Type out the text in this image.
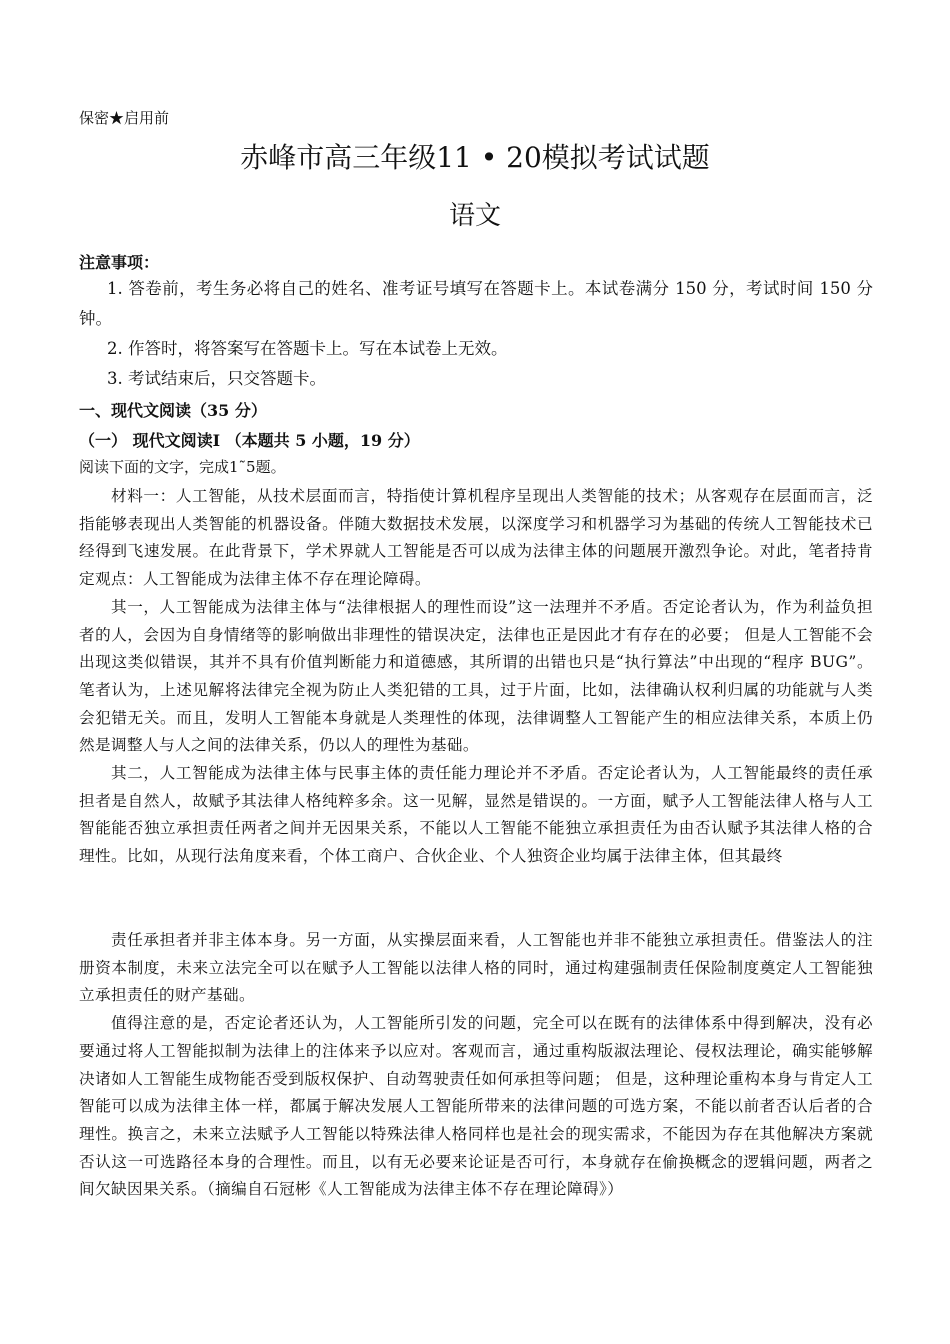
保密★启用前
赤峰市高三年级11 • 20模拟考试试题
语文
注意事项：
1. 答卷前，考生务必将自己的姓名、准考证号填写在答题卡上。本试卷满分 150 分，考试时间 150 分钟。
2. 作答时，将答案写在答题卡上。写在本试卷上无效。
3. 考试结束后，只交答题卡。
一、现代文阅读（35 分）
（一） 现代文阅读Ⅰ （本题共 5 小题，19 分）
阅读下面的文字，完成1˜5题。

材料一：人工智能，从技术层面而言，特指使计算机程序呈现出人类智能的技术；从客观存在层面而言，泛指能够表现出人类智能的机器设备。伴随大数据技术发展，以深度学习和机器学习为基础的传统人工智能技术已经得到飞速发展。在此背景下，学术界就人工智能是否可以成为法律主体的问题展开激烈争论。对此，笔者持肯定观点：人工智能成为法律主体不存在理论障碍。

其一，人工智能成为法律主体与“法律根据人的理性而设”这一法理并不矛盾。否定论者认为，作为利益负担者的人，会因为自身情绪等的影响做出非理性的错误决定，法律也正是因此才有存在的必要； 但是人工智能不会出现这类似错误，其并不具有价值判断能力和道德感，其所谓的出错也只是“执行算法”中出现的“程序 BUG”。笔者认为，上述见解将法律完全视为防止人类犯错的工具，过于片面，比如，法律确认权利归属的功能就与人类会犯错无关。而且，发明人工智能本身就是人类理性的体现，法律调整人工智能产生的相应法律关系，本质上仍然是调整人与人之间的法律关系，仍以人的理性为基础。

其二，人工智能成为法律主体与民事主体的责任能力理论并不矛盾。否定论者认为，人工智能最终的责任承担者是自然人，故赋予其法律人格纯粹多余。这一见解，显然是错误的。一方面，赋予人工智能法律人格与人工智能能否独立承担责任两者之间并无因果关系，不能以人工智能不能独立承担责任为由否认赋予其法律人格的合理性。比如，从现行法角度来看，个体工商户、合伙企业、个人独资企业均属于法律主体，但其最终

责任承担者并非主体本身。另一方面，从实操层面来看，人工智能也并非不能独立承担责任。借鉴法人的注册资本制度，未来立法完全可以在赋予人工智能以法律人格的同时，通过构建强制责任保险制度奠定人工智能独立承担责任的财产基础。

值得注意的是，否定论者还认为，人工智能所引发的问题，完全可以在既有的法律体系中得到解决，没有必要通过将人工智能拟制为法律上的注体来予以应对。客观而言，通过重构版淑法理论、侵权法理论，确实能够解决诸如人工智能生成物能否受到版权保护、自动驾驶责任如何承担等问题； 但是，这种理论重构本身与肯定人工智能可以成为法律主体一样，都属于解决发展人工智能所带来的法律问题的可选方案，不能以前者否认后者的合理性。换言之，未来立法赋予人工智能以特殊法律人格同样也是社会的现实需求，不能因为存在其他解决方案就否认这一可选路径本身的合理性。而且，以有无必要来论证是否可行，本身就存在偷换概念的逻辑问题，两者之间欠缺因果关系。（摘编自石冠彬《人工智能成为法律主体不存在理论障碍》）
